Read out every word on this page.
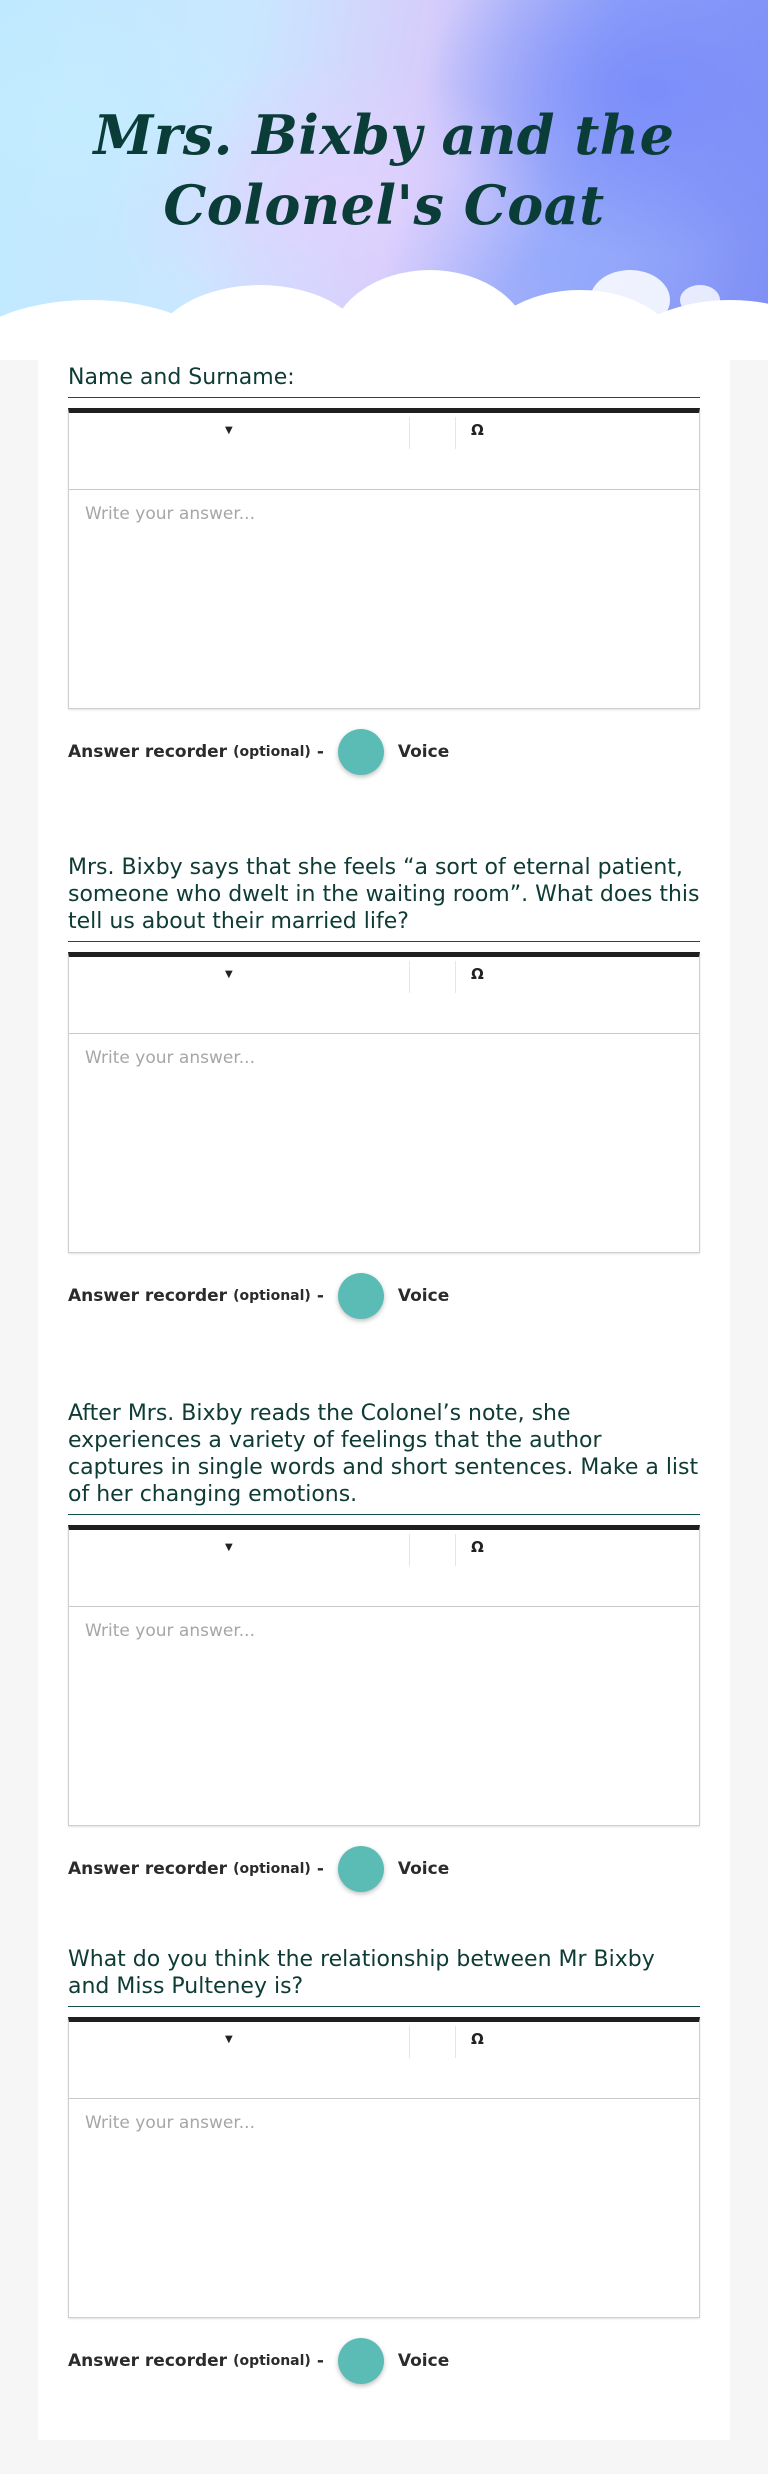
Mrs. Bixby and the Colonel's Coat

Name and Surname:

▼	Ω
Write your answer...
Answer recorder (optional) -	Voice

Mrs. Bixby says that she feels “a sort of eternal patient, someone who dwelt in the waiting room”. What does this tell us about their married life?

▼	Ω
Write your answer...
Answer recorder (optional) -	Voice

After Mrs. Bixby reads the Colonel’s note, she experiences a variety of feelings that the author captures in single words and short sentences. Make a list of her changing emotions.

▼	Ω
Write your answer...
Answer recorder (optional) -	Voice

What do you think the relationship between Mr Bixby and Miss Pulteney is?

▼	Ω
Write your answer...
Answer recorder (optional) -	Voice
